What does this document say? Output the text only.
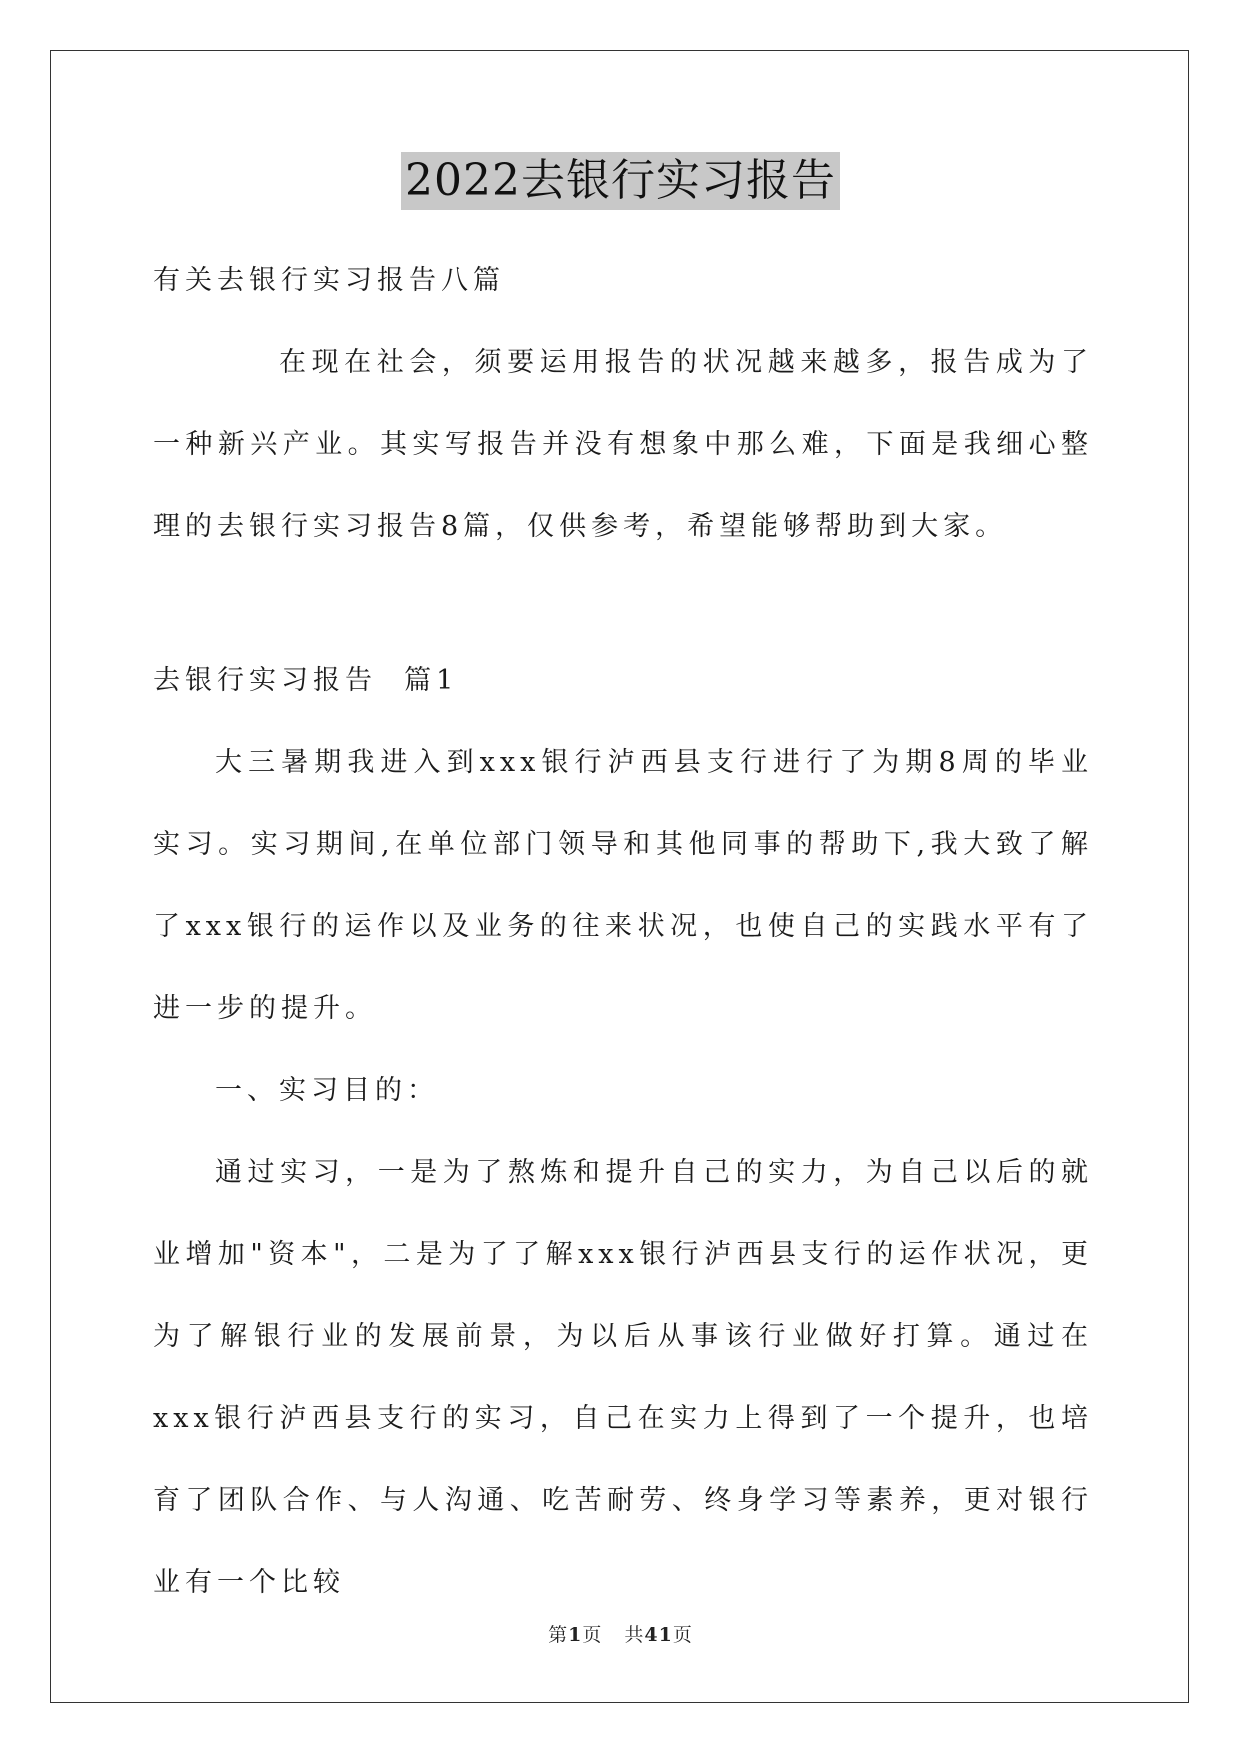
2022去银行实习报告

有关去银行实习报告八篇

在现在社会，须要运用报告的状况越来越多，报告成为了一种新兴产业。其实写报告并没有想象中那么难，下面是我细心整理的去银行实习报告8篇，仅供参考，希望能够帮助到大家。

去银行实习报告  篇1

大三暑期我进入到xxx银行泸西县支行进行了为期8周的毕业实习。实习期间,在单位部门领导和其他同事的帮助下,我大致了解了xxx银行的运作以及业务的往来状况，也使自己的实践水平有了进一步的提升。

一、实习目的：

通过实习，一是为了熬炼和提升自己的实力，为自己以后的就业增加"资本"，二是为了了解xxx银行泸西县支行的运作状况，更为了解银行业的发展前景，为以后从事该行业做好打算。通过在xxx银行泸西县支行的实习，自己在实力上得到了一个提升，也培育了团队合作、与人沟通、吃苦耐劳、终身学习等素养，更对银行业有一个比较

第1页 共41页
